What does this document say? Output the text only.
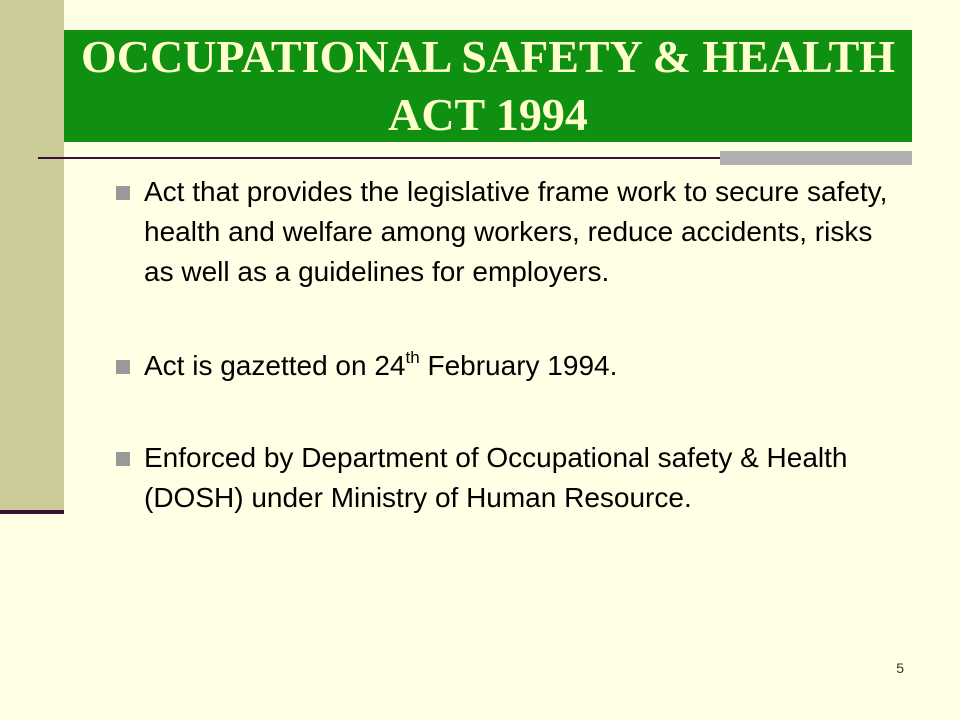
OCCUPATIONAL SAFETY & HEALTH ACT 1994
Act that provides the legislative frame work to secure safety, health and welfare among workers, reduce accidents, risks as well as a guidelines for employers.
Act is gazetted on 24th February 1994.
Enforced by Department of Occupational safety & Health (DOSH) under Ministry of Human Resource.
5
